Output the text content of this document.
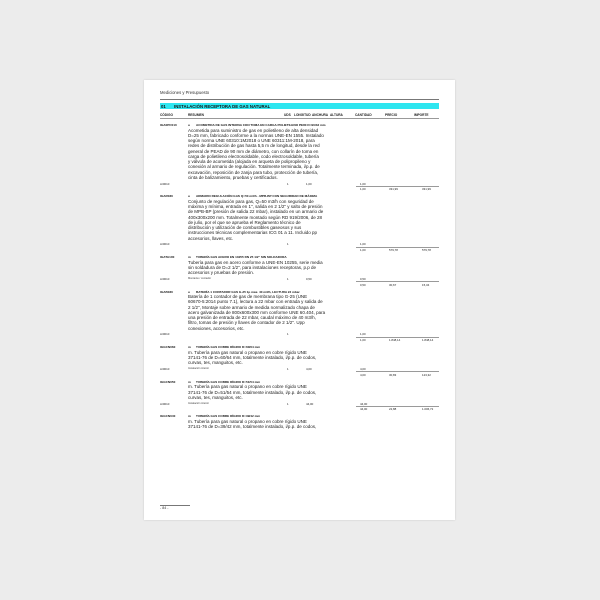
Mediciones y Presupuesto
01 INSTALACIÓN RECEPTORA DE GAS NATURAL
CÓDIGO	RESUMEN	UDS LONGITUD ANCHURA ALTURA	CANTIDAD	PRECIO	IMPORTE
IGA0PC010	u ACOMETIDA DE GAS INTERNA CON TOMA EN CARGA POLIETILENO PE80 D=90/32 mm
Acometida para suministro de gas en polietileno de alta densidad
D=25 mm, fabricado conforme a la normas UNE-EN 1555. Instalado
según norma UNE 60310:1M2018 o UNE 60311:1M-2018, para
redes de distribución de gas hasta 5,5 m de longitud, desde la red
general de PEAD de 90 mm de diámetro, con collarín de toma en
carga de polietileno electrosoldable, codo electrosoldable, tubería
y válvula de acometida (alojada en arqueta de polipropileno y
conexión al armario de regulación. Totalmente terminada, i/p.p. de
excavación, reposición de zanja para tubo, protección de tubería,
cinta de balizamiento, pruebas y certificados.
Ar0010	1	1,00	1,00
1,00	331,99	331,99
IGAR030	u ARMARIO REGULACIÓN GAS Q=50 m3/h - MPB-BP CON SEGURIDAD DE MÁXIMA
Conjunto de regulación para gas, Q=50 m3/h con seguridad de
máxima y mínima, entrada en 1", salida en 2 1/2" y salto de presión
de MPB-BP (presión de salida 22 mbar), instalado en un armario de
400x300x200 mm. Totalmente montado según RD 919/2006, de 28
de julio, por el que se aprueba el Reglamento técnico de
distribución y utilización de combustibles gaseosos y sus
instrucciones técnicas complementarias ICG 01 a 11. Incluido pp
accesorios, llaves, etc.
Ar0010	1	1,00
1,00	579,78	579,78
IGATA100	m TUBERÍA GAS ACERO EN 10255 DN 25 1/2" SIN SOLDADURA
Tubería para gas en acero conforme a UNE-EN 10255, serie media
sin soldadura de D=2 1/2", para instalaciones receptoras, p.p de
accesorios y pruebas de presión.
Ar0010	Montante / contador	1	0,50	0,50
0,50	30,67	15,34
IGAB030	u BATERÍA 1 CONTADOR GAS G-25 1p max. 40 m3/h, LECTURA 22 mbar
Batería de 1 contador de gas de membrana tipo G-25 (UNE
60670-5:2014 punto 7.1), lectura a 22 mbar con entrada y salida de
2 1/2", Montaje sobre armario de medida normalizado chapa de
acero galvanizada de 800x600x300 mm conforme UNE 60.404, para
una presión de entrada de 22 mbar, caudal máximo de 40 m3/h,
filtro, tomas de presión y llaves de contador de 2 1/2". Upp
conexiones, accesorios, etc.
Ar0010	1	1,00
1,00	1.848,14	1.848,14
IGGCN060	m TUBERÍA GAS COBRE RÍGIDO D=60/64 mm
m. Tubería para gas natural o propano en cobre rígido UNE
37141-76 de D=60/64 mm, totalmente instalado, i/p.p. de codos,
curvas, tes, manguitos, etc.
Ar0010	Instalación interior	1	4,00	4,00
4,00	30,83	123,32
IGGCN050	m TUBERÍA GAS COBRE RÍGIDO D=51/54 mm
m. Tubería para gas natural o propano en cobre rígido UNE
37141-76 de D=51/54 mm, totalmente instalado, i/p.p. de codos,
curvas, tes, manguitos, etc.
Ar0010	Instalación interior	1	44,00	44,00
44,00	22,88	1.006,72
IGGCN040	m TUBERÍA GAS COBRE RÍGIDO D=39/42 mm
m. Tubería para gas natural o propano en cobre rígido UNE
37141-76 de D=39/42 mm, totalmente instalado, i/p.p. de codos,
- 84 -
